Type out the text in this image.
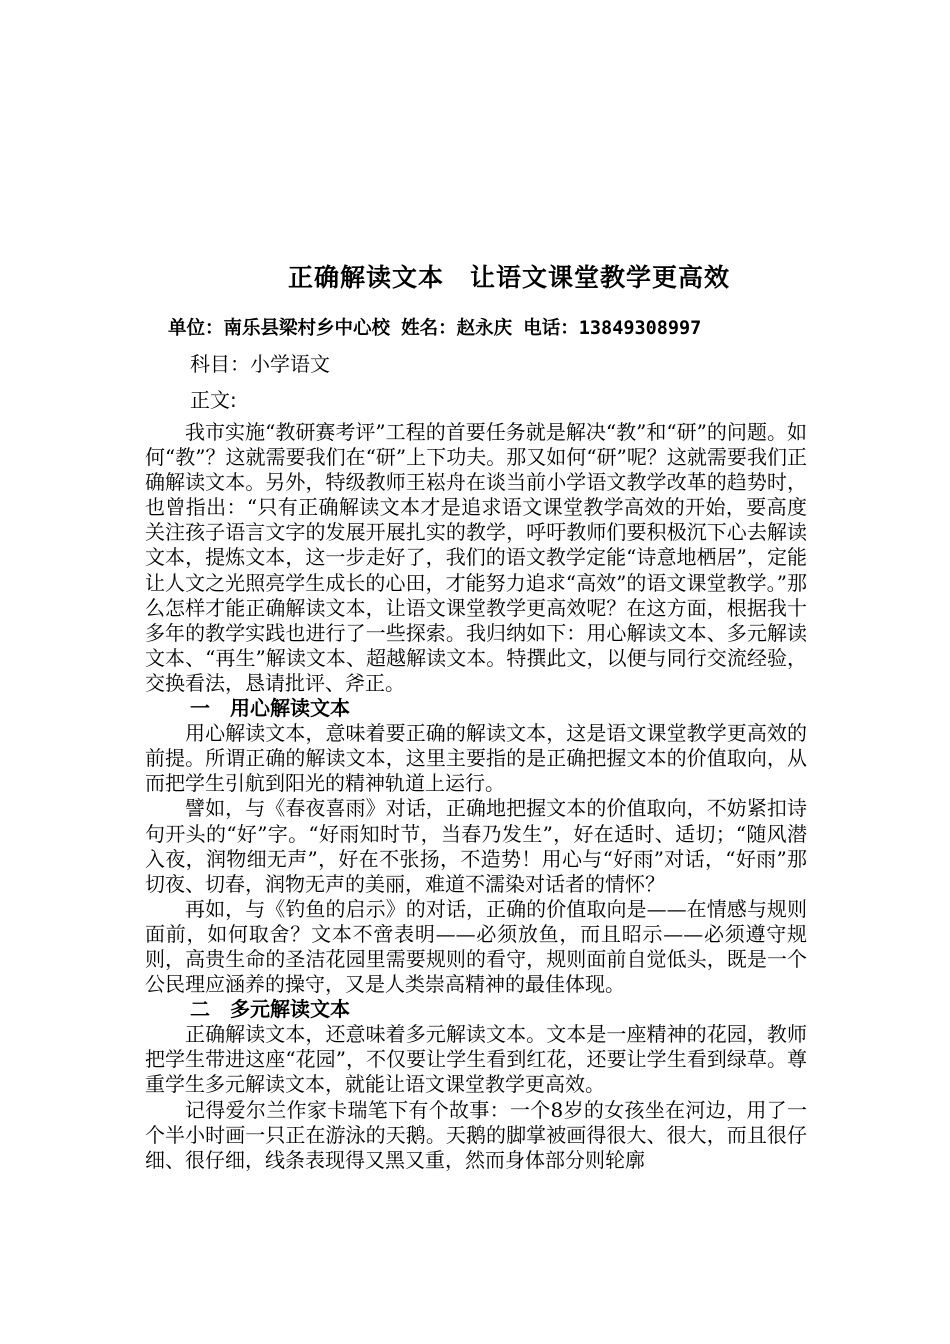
正确解读文本　让语文课堂教学更高效
单位：南乐县梁村乡中心校 姓名：赵永庆 电话：13849308997
科目：小学语文
正文:

我市实施“教研赛考评”工程的首要任务就是解决“教”和“研”的问题。如何“教”？这就需要我们在“研”上下功夫。那又如何“研”呢？这就需要我们正确解读文本。另外，特级教师王崧舟在谈当前小学语文教学改革的趋势时，也曾指出：“只有正确解读文本才是追求语文课堂教学高效的开始，要高度关注孩子语言文字的发展开展扎实的教学，呼吁教师们要积极沉下心去解读文本，提炼文本，这一步走好了，我们的语文教学定能“诗意地栖居”，定能让人文之光照亮学生成长的心田，才能努力追求“高效”的语文课堂教学。”那么怎样才能正确解读文本，让语文课堂教学更高效呢？在这方面，根据我十多年的教学实践也进行了一些探索。我归纳如下：用心解读文本、多元解读文本、“再生”解读文本、超越解读文本。特撰此文，以便与同行交流经验，交换看法，恳请批评、斧正。

一　用心解读文本

用心解读文本，意味着要正确的解读文本，这是语文课堂教学更高效的前提。所谓正确的解读文本，这里主要指的是正确把握文本的价值取向，从而把学生引航到阳光的精神轨道上运行。

譬如，与《春夜喜雨》对话，正确地把握文本的价值取向，不妨紧扣诗句开头的“好”字。“好雨知时节，当春乃发生”，好在适时、适切；“随风潜入夜，润物细无声”，好在不张扬，不造势！用心与“好雨”对话，“好雨”那切夜、切春，润物无声的美丽，难道不濡染对话者的情怀？

再如，与《钓鱼的启示》的对话，正确的价值取向是——在情感与规则面前，如何取舍？文本不啻表明——必须放鱼，而且昭示——必须遵守规则，高贵生命的圣洁花园里需要规则的看守，规则面前自觉低头，既是一个公民理应涵养的操守，又是人类崇高精神的最佳体现。

二　多元解读文本

正确解读文本，还意味着多元解读文本。文本是一座精神的花园，教师把学生带进这座“花园”，不仅要让学生看到红花，还要让学生看到绿草。尊重学生多元解读文本，就能让语文课堂教学更高效。

记得爱尔兰作家卡瑞笔下有个故事：一个8岁的女孩坐在河边，用了一个半小时画一只正在游泳的天鹅。天鹅的脚掌被画得很大、很大，而且很仔细、很仔细，线条表现得又黑又重，然而身体部分则轮廓
